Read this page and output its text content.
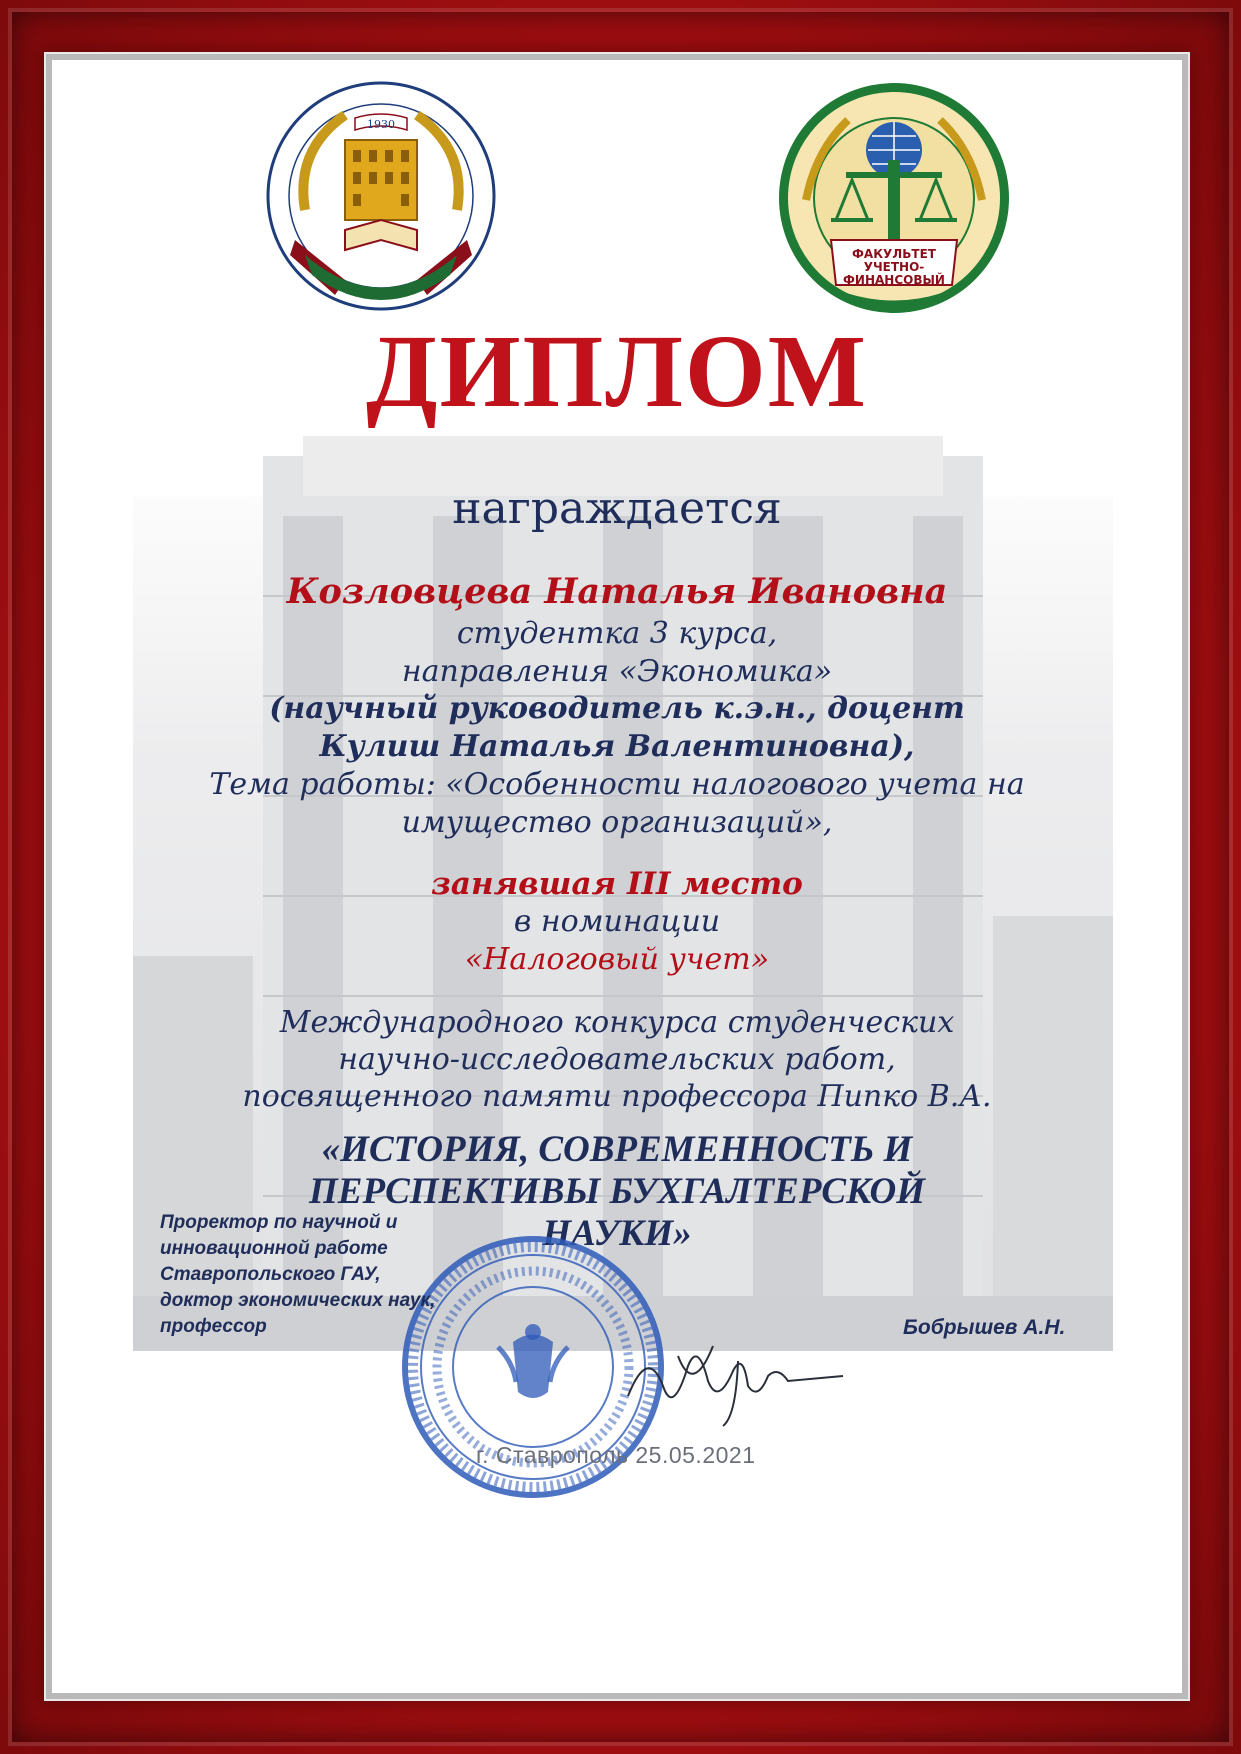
1930
ФАКУЛЬТЕТ
УЧЕТНО-
ФИНАНСОВЫЙ
ДИПЛОМ
награждается
Козловцева Наталья Ивановна
студентка 3 курса,
направления «Экономика»
(научный руководитель к.э.н., доцент
Кулиш Наталья Валентиновна),
Тема работы: «Особенности налогового учета на
имущество организаций»,
занявшая III место
в номинации
«Налоговый учет»
Международного конкурса студенческих
научно-исследовательских работ,
посвященного памяти профессора Пипко В.А.
«ИСТОРИЯ, СОВРЕМЕННОСТЬ И
ПЕРСПЕКТИВЫ БУХГАЛТЕРСКОЙ
НАУКИ»
г. Ставрополь 25.05.2021
Проректор по научной и
инновационной работе
Ставропольского ГАУ,
доктор экономических наук,
профессор	Бобрышев А.Н.
